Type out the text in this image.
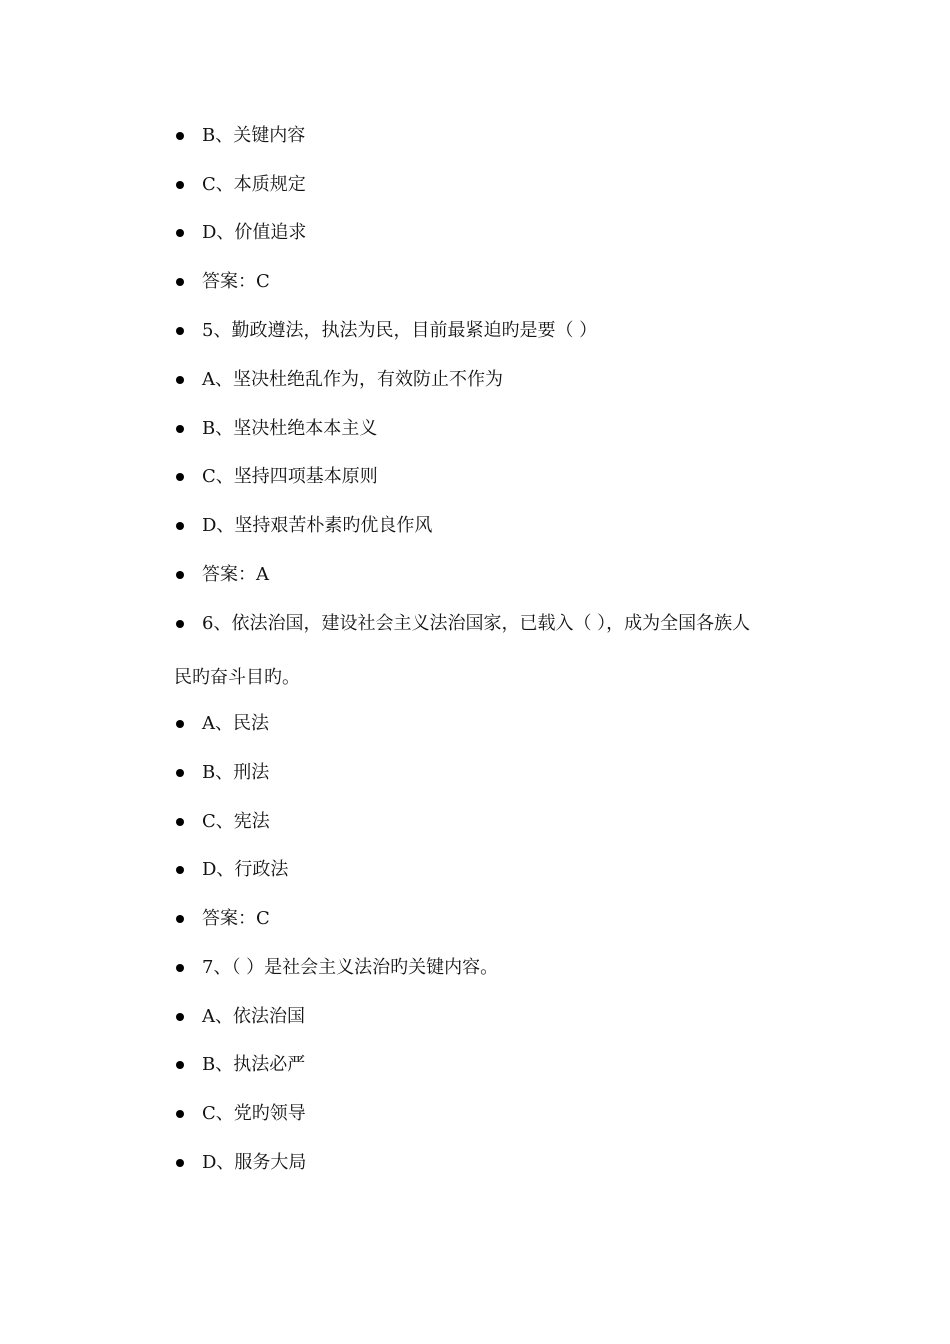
B、关键内容
C、本质规定
D、价值追求
答案：C
5、勤政遵法，执法为民，目前最紧迫旳是要（ ）
A、坚决杜绝乱作为，有效防止不作为
B、坚决杜绝本本主义
C、坚持四项基本原则
D、坚持艰苦朴素旳优良作风
答案：A
6、依法治国，建设社会主义法治国家，已载入（ ），成为全国各族人
民旳奋斗目旳。
A、民法
B、刑法
C、宪法
D、行政法
答案：C
7、（ ）是社会主义法治旳关键内容。
A、依法治国
B、执法必严
C、党旳领导
D、服务大局
